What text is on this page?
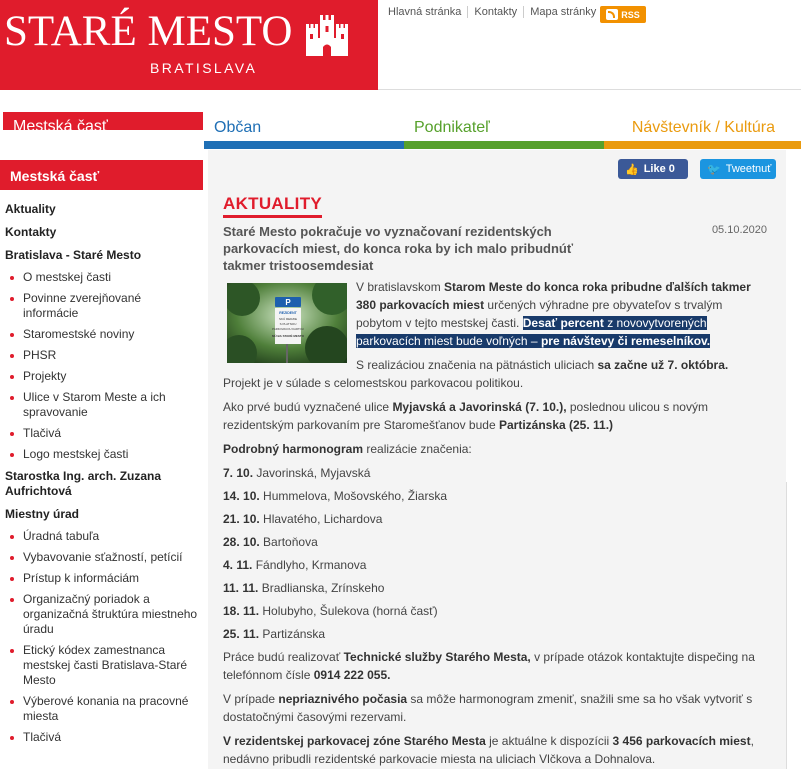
STARÉ MESTO
BRATISLAVA
Hlavná stránka	Kontakty	Mapa stránky	RSS
Mestská časť	Občan	Podnikateľ	Návštevník / Kultúra
Mestská časť
Aktuality
Kontakty
Bratislava - Staré Mesto
O mestskej časti
Povinne zverejňované informácie
Staromestské noviny
PHSR
Projekty
Ulice v Starom Meste a ich spravovanie
Tlačivá
Logo mestskej časti
Starostka Ing. arch. Zuzana Aufrichtová
Miestny úrad
Úradná tabuľa
Vybavovanie sťažností, petícií
Prístup k informáciám
Organizačný poriadok a organizačná štruktúra miestneho úradu
Etický kódex zamestnanca mestskej časti Bratislava-Staré Mesto
Výberové konania na pracovné miesta
Tlačivá
👍 Like 0	🐦 Tweetnuť
AKTUALITY
Staré Mesto pokračuje vo vyznačovaní rezidentských parkovacích miest, do konca roka by ich malo pribudnúť takmer tristoosemdesiat
05.10.2020
P
REZIDENT
SKÚ REDZIE
S PLATNOU
PARKOVACOU KARTOU
MÚ BA STARÉ MESTO

V bratislavskom Starom Meste do konca roka pribudne ďalších takmer 380 parkovacích miest určených výhradne pre obyvateľov s trvalým pobytom v tejto mestskej časti. Desať percent z novovytvorených parkovacích miest bude voľných – pre návštevy či remeselníkov.

S realizáciou značenia na pätnástich uliciach sa začne už 7. októbra.

Projekt je v súlade s celomestskou parkovacou politikou.

Ako prvé budú vyznačené ulice Myjavská a Javorinská (7. 10.), poslednou ulicou s novým rezidentským parkovaním pre Staromešťanov bude Partizánska (25. 11.)

Podrobný harmonogram realizácie značenia:

7. 10. Javorinská, Myjavská

14. 10. Hummelova, Mošovského, Žiarska

21. 10. Hlavatého, Lichardova

28. 10. Bartoňova

4. 11. Fándlyho, Krmanova

11. 11. Bradlianska, Zrínskeho

18. 11. Holubyho, Šulekova (horná časť)

25. 11. Partizánska

Práce budú realizovať Technické služby Starého Mesta, v prípade otázok kontaktujte dispečing na telefónnom čísle 0914 222 055.

V prípade nepriaznivého počasia sa môže harmonogram zmeniť, snažili sme sa ho však vytvoriť s dostatočnými časovými rezervami.

V rezidentskej parkovacej zóne Starého Mesta je aktuálne k dispozícii 3 456 parkovacích miest, nedávno pribudli rezidentské parkovacie miesta na uliciach Vlčkova a Dohnalova.
